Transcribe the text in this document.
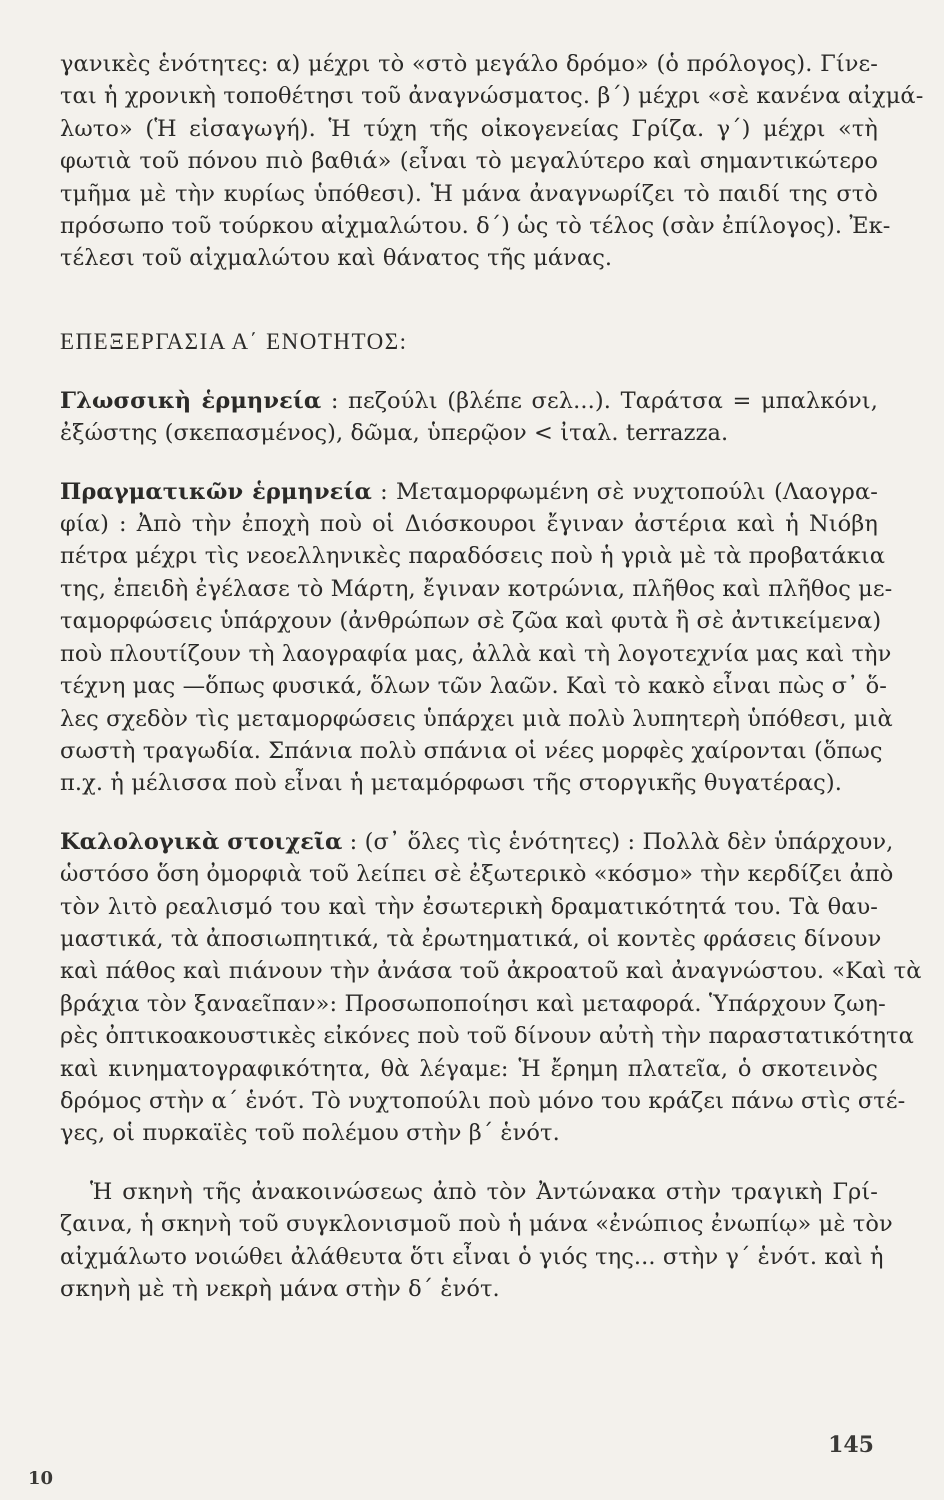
γανικὲς ἑνότητες: α) μέχρι τὸ «στὸ μεγάλο δρόμο» (ὁ πρόλογος). Γίνε-
ται ἡ χρονικὴ τοποθέτησι τοῦ ἀναγνώσματος. β΄) μέχρι «σὲ κανένα αἰχμά-
λωτο» (Ἡ εἰσαγωγή). Ἡ τύχη τῆς οἰκογενείας Γρίζα. γ΄) μέχρι «τὴ
φωτιὰ τοῦ πόνου πιὸ βαθιά» (εἶναι τὸ μεγαλύτερο καὶ σημαντικώτερο
τμῆμα μὲ τὴν κυρίως ὑπόθεσι). Ἡ μάνα ἀναγνωρίζει τὸ παιδί της στὸ
πρόσωπο τοῦ τούρκου αἰχμαλώτου. δ΄) ὡς τὸ τέλος (σὰν ἐπίλογος). Ἐκ-
τέλεσι τοῦ αἰχμαλώτου καὶ θάνατος τῆς μάνας.

ΕΠΕΞΕΡΓΑΣΙΑ Α΄ ΕΝΟΤΗΤΟΣ:

Γλωσσικὴ ἑρμηνεία : πεζούλι (βλέπε σελ...). Ταράτσα = μπαλκόνι,
ἐξώστης (σκεπασμένος), δῶμα, ὑπερῷον < ἰταλ. terrazza.

Πραγματικῶν ἑρμηνεία : Μεταμορφωμένη σὲ νυχτοπούλι (Λαογρα-
φία) : Ἀπὸ τὴν ἐποχὴ ποὺ οἱ Διόσκουροι ἔγιναν ἀστέρια καὶ ἡ Νιόβη
πέτρα μέχρι τὶς νεοελληνικὲς παραδόσεις ποὺ ἡ γριὰ μὲ τὰ προβατάκια
της, ἐπειδὴ ἐγέλασε τὸ Μάρτη, ἔγιναν κοτρώνια, πλῆθος καὶ πλῆθος με-
ταμορφώσεις ὑπάρχουν (ἀνθρώπων σὲ ζῶα καὶ φυτὰ ἢ σὲ ἀντικείμενα)
ποὺ πλουτίζουν τὴ λαογραφία μας, ἀλλὰ καὶ τὴ λογοτεχνία μας καὶ τὴν
τέχνη μας —ὅπως φυσικά, ὅλων τῶν λαῶν. Καὶ τὸ κακὸ εἶναι πὼς σ᾽ ὅ-
λες σχεδὸν τὶς μεταμορφώσεις ὑπάρχει μιὰ πολὺ λυπητερὴ ὑπόθεσι, μιὰ
σωστὴ τραγωδία. Σπάνια πολὺ σπάνια οἱ νέες μορφὲς χαίρονται (ὅπως
π.χ. ἡ μέλισσα ποὺ εἶναι ἡ μεταμόρφωσι τῆς στοργικῆς θυγατέρας).

Καλολογικὰ στοιχεῖα : (σ᾽ ὅλες τὶς ἑνότητες) : Πολλὰ δὲν ὑπάρχουν,
ὡστόσο ὅση ὀμορφιὰ τοῦ λείπει σὲ ἐξωτερικὸ «κόσμο» τὴν κερδίζει ἀπὸ
τὸν λιτὸ ρεαλισμό του καὶ τὴν ἐσωτερικὴ δραματικότητά του. Τὰ θαυ-
μαστικά, τὰ ἀποσιωπητικά, τὰ ἐρωτηματικά, οἱ κοντὲς φράσεις δίνουν
καὶ πάθος καὶ πιάνουν τὴν ἀνάσα τοῦ ἀκροατοῦ καὶ ἀναγνώστου. «Καὶ τὰ
βράχια τὸν ξαναεῖπαν»: Προσωποποίησι καὶ μεταφορά. Ὑπάρχουν ζωη-
ρὲς ὀπτικοακουστικὲς εἰκόνες ποὺ τοῦ δίνουν αὐτὴ τὴν παραστατικότητα
καὶ κινηματογραφικότητα, θὰ λέγαμε: Ἡ ἔρημη πλατεῖα, ὁ σκοτεινὸς
δρόμος στὴν α΄ ἑνότ. Τὸ νυχτοπούλι ποὺ μόνο του κράζει πάνω στὶς στέ-
γες, οἱ πυρκαϊὲς τοῦ πολέμου στὴν β΄ ἑνότ.

Ἡ σκηνὴ τῆς ἀνακοινώσεως ἀπὸ τὸν Ἀντώνακα στὴν τραγικὴ Γρί-
ζαινα, ἡ σκηνὴ τοῦ συγκλονισμοῦ ποὺ ἡ μάνα «ἐνώπιος ἐνωπίῳ» μὲ τὸν
αἰχμάλωτο νοιώθει ἀλάθευτα ὅτι εἶναι ὁ γιός της... στὴν γ΄ ἑνότ. καὶ ἡ
σκηνὴ μὲ τὴ νεκρὴ μάνα στὴν δ΄ ἑνότ.

145
10
